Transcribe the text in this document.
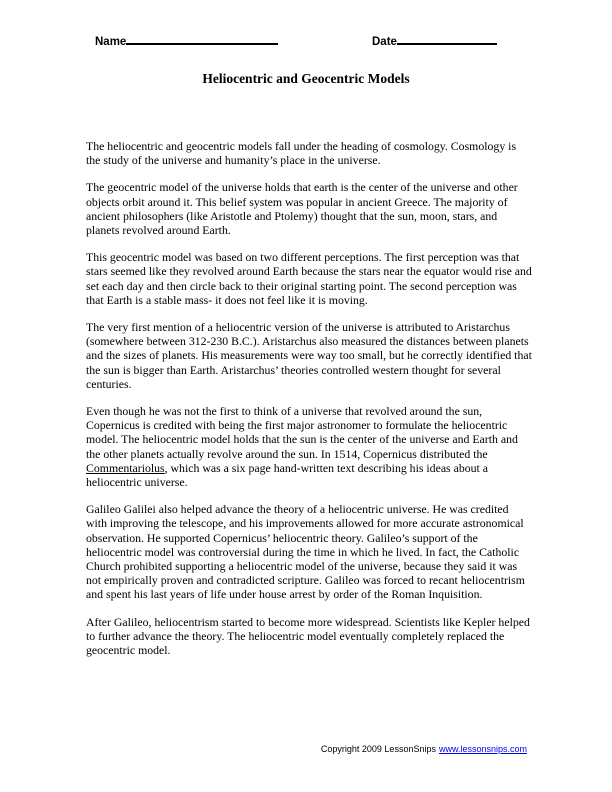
Name	Date
Heliocentric and Geocentric Models

The heliocentric and geocentric models fall under the heading of cosmology. Cosmology is the study of the universe and humanity’s place in the universe.

The geocentric model of the universe holds that earth is the center of the universe and other objects orbit around it. This belief system was popular in ancient Greece. The majority of ancient philosophers (like Aristotle and Ptolemy) thought that the sun, moon, stars, and planets revolved around Earth.

This geocentric model was based on two different perceptions. The first perception was that stars seemed like they revolved around Earth because the stars near the equator would rise and set each day and then circle back to their original starting point. The second perception was that Earth is a stable mass- it does not feel like it is moving.

The very first mention of a heliocentric version of the universe is attributed to Aristarchus (somewhere between 312-230 B.C.). Aristarchus also measured the distances between planets and the sizes of planets. His measurements were way too small, but he correctly identified that the sun is bigger than Earth. Aristarchus’ theories controlled western thought for several centuries.

Even though he was not the first to think of a universe that revolved around the sun, Copernicus is credited with being the first major astronomer to formulate the heliocentric model. The heliocentric model holds that the sun is the center of the universe and Earth and the other planets actually revolve around the sun. In 1514, Copernicus distributed the Commentariolus, which was a six page hand-written text describing his ideas about a heliocentric universe.

Galileo Galilei also helped advance the theory of a heliocentric universe. He was credited with improving the telescope, and his improvements allowed for more accurate astronomical observation. He supported Copernicus’ heliocentric theory. Galileo’s support of the heliocentric model was controversial during the time in which he lived. In fact, the Catholic Church prohibited supporting a heliocentric model of the universe, because they said it was not empirically proven and contradicted scripture. Galileo was forced to recant heliocentrism and spent his last years of life under house arrest by order of the Roman Inquisition.

After Galileo, heliocentrism started to become more widespread. Scientists like Kepler helped to further advance the theory. The heliocentric model eventually completely replaced the geocentric model.

Copyright 2009 LessonSnips www.lessonsnips.com
